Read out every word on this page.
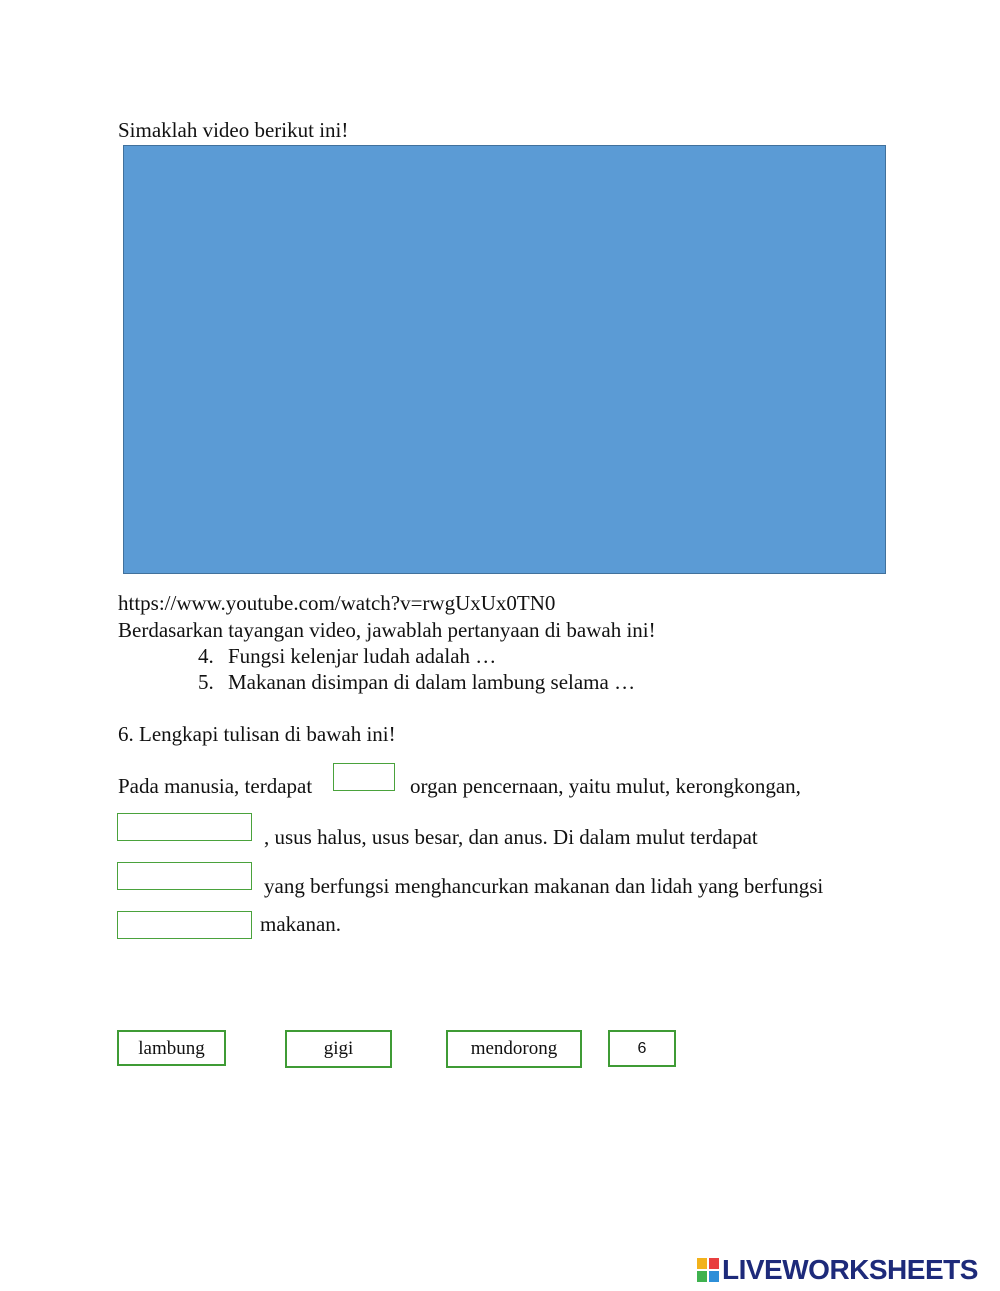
Simaklah video berikut ini!
https://www.youtube.com/watch?v=rwgUxUx0TN0
Berdasarkan tayangan video, jawablah pertanyaan di bawah ini!
4. Fungsi kelenjar ludah adalah …
5. Makanan disimpan di dalam lambung selama …
6. Lengkapi tulisan di bawah ini!
Pada manusia, terdapat	organ pencernaan, yaitu mulut, kerongkongan,
, usus halus, usus besar, dan anus. Di dalam mulut terdapat
yang berfungsi menghancurkan makanan dan lidah yang berfungsi
makanan.
lambung	gigi	mendorong	6
LIVEWORKSHEETS
